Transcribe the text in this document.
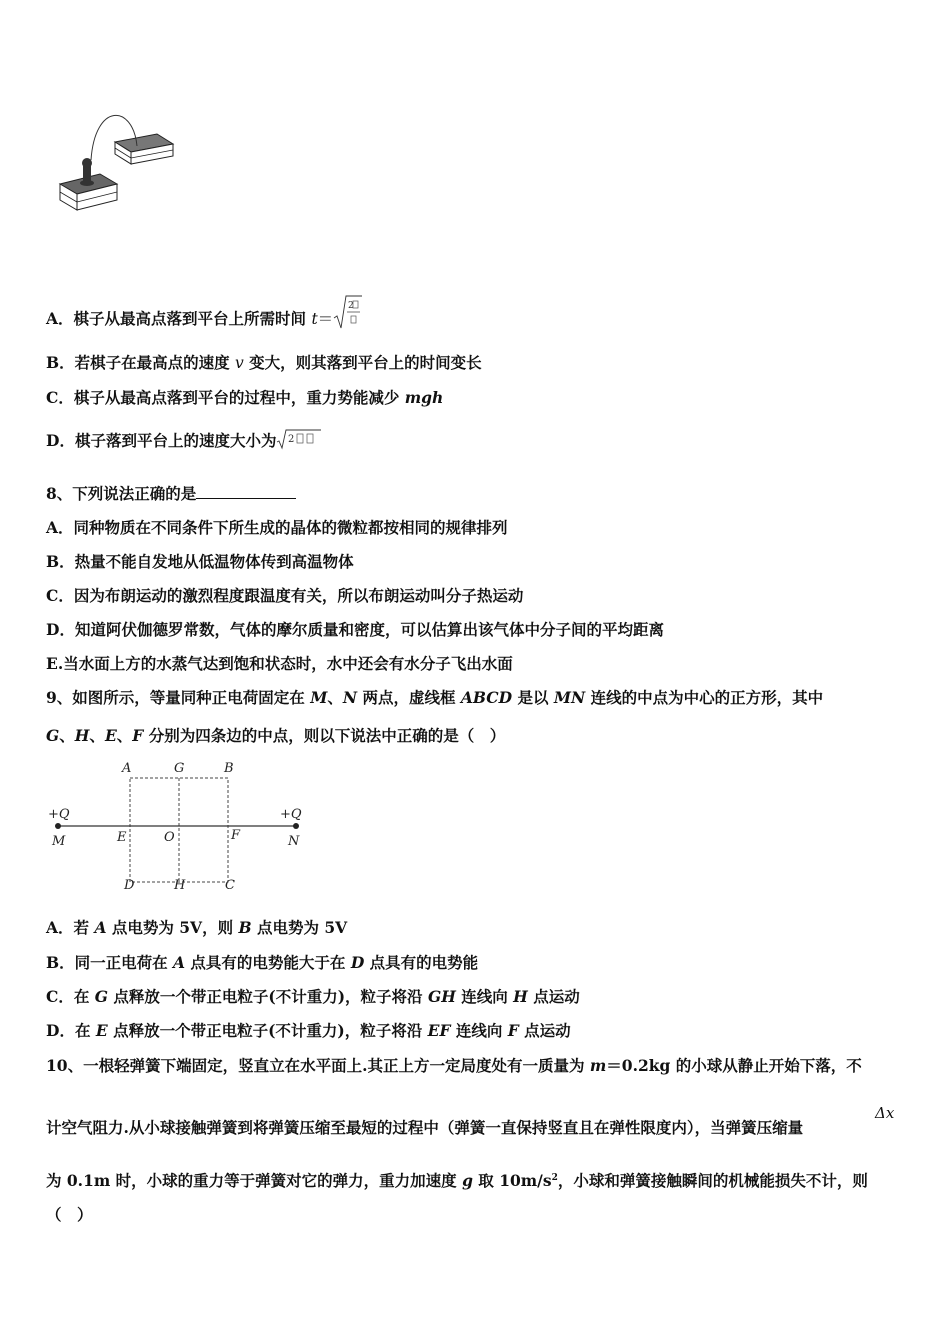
A．棋子从最高点落到平台上所需时间 t＝
2
B．若棋子在最高点的速度 v 变大，则其落到平台上的时间变长
C．棋子从最高点落到平台的过程中，重力势能减少 mgh
D．棋子落到平台上的速度大小为 2
8、下列说法正确的是
A．同种物质在不同条件下所生成的晶体的微粒都按相同的规律排列
B．热量不能自发地从低温物体传到高温物体
C．因为布朗运动的激烈程度跟温度有关，所以布朗运动叫分子热运动
D．知道阿伏伽德罗常数，气体的摩尔质量和密度，可以估算出该气体中分子间的平均距离
E.当水面上方的水蒸气达到饱和状态时，水中还会有水分子飞出水面
9、如图所示，等量同种正电荷固定在 M、N 两点，虚线框 ABCD 是以 MN 连线的中点为中心的正方形，其中
G、H、E、F 分别为四条边的中点，则以下说法中正确的是（　）
A	G	B
+Q	+Q
M	E	O	F	N
D	H	C
A．若 A 点电势为 5V，则 B 点电势为 5V
B．同一正电荷在 A 点具有的电势能大于在 D 点具有的电势能
C．在 G 点释放一个带正电粒子(不计重力)，粒子将沿 GH 连线向 H 点运动
D．在 E 点释放一个带正电粒子(不计重力)，粒子将沿 EF 连线向 F 点运动
10、一根轻弹簧下端固定，竖直立在水平面上.其正上方一定局度处有一质量为 m＝0.2kg 的小球从静止开始下落，不
计空气阻力.从小球接触弹簧到将弹簧压缩至最短的过程中（弹簧一直保持竖直且在弹性限度内），当弹簧压缩量
Δx
为 0.1m 时，小球的重力等于弹簧对它的弹力，重力加速度 g 取 $10m/s^2$，小球和弹簧接触瞬间的机械能损失不计，则
（　）
